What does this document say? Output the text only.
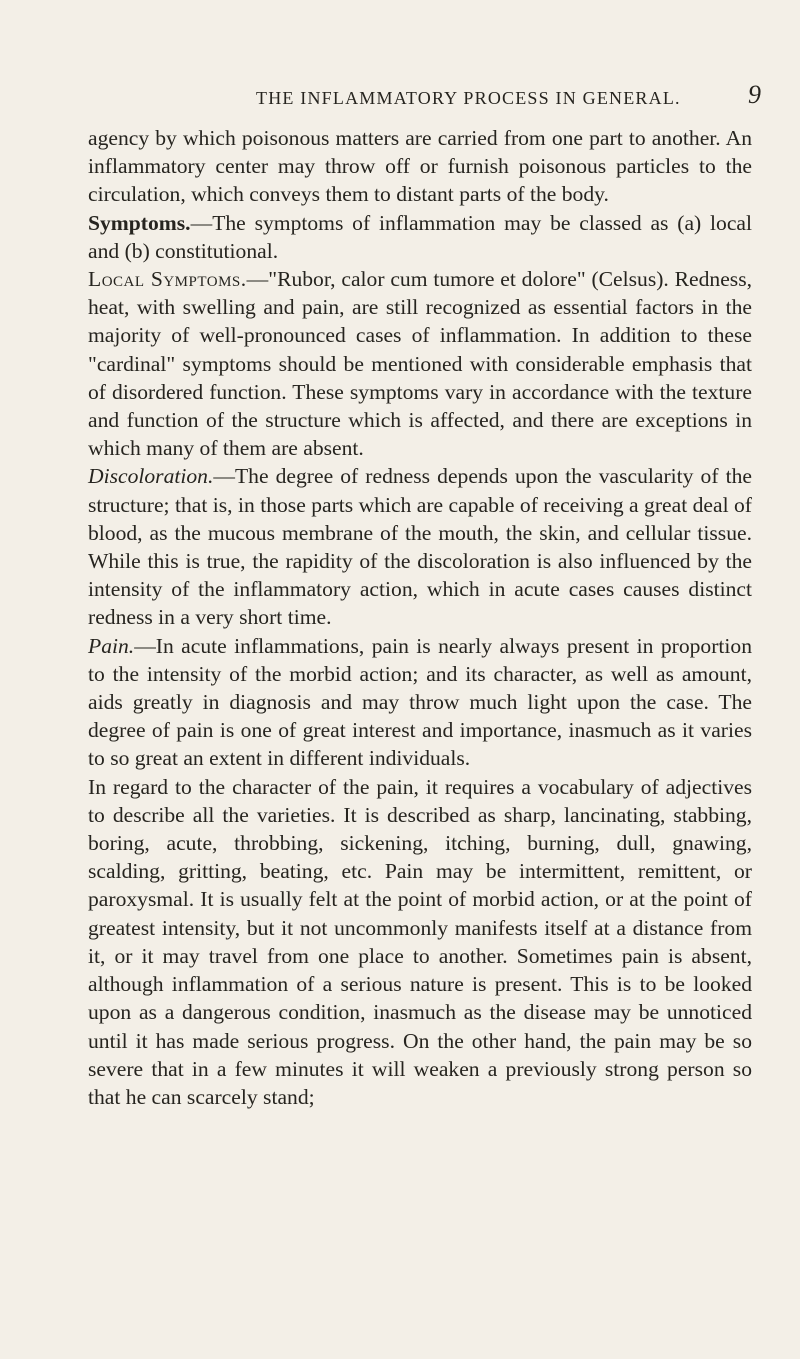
THE INFLAMMATORY PROCESS IN GENERAL.	9

agency by which poisonous matters are carried from one part to another. An inflammatory center may throw off or furnish poisonous particles to the circulation, which conveys them to distant parts of the body.

Symptoms.—The symptoms of inflammation may be classed as (a) local and (b) constitutional.

Local Symptoms.—"Rubor, calor cum tumore et dolore" (Celsus). Redness, heat, with swelling and pain, are still recognized as essential factors in the majority of well-pronounced cases of inflammation. In addition to these "cardinal" symptoms should be mentioned with considerable emphasis that of disordered function. These symptoms vary in accordance with the texture and function of the structure which is affected, and there are exceptions in which many of them are absent.

Discoloration.—The degree of redness depends upon the vascularity of the structure; that is, in those parts which are capable of receiving a great deal of blood, as the mucous membrane of the mouth, the skin, and cellular tissue. While this is true, the rapidity of the discoloration is also influenced by the intensity of the inflammatory action, which in acute cases causes distinct redness in a very short time.

Pain.—In acute inflammations, pain is nearly always present in proportion to the intensity of the morbid action; and its character, as well as amount, aids greatly in diagnosis and may throw much light upon the case. The degree of pain is one of great interest and importance, inasmuch as it varies to so great an extent in different individuals.

In regard to the character of the pain, it requires a vocabulary of adjectives to describe all the varieties. It is described as sharp, lancinating, stabbing, boring, acute, throbbing, sickening, itching, burning, dull, gnawing, scalding, gritting, beating, etc. Pain may be intermittent, remittent, or paroxysmal. It is usually felt at the point of morbid action, or at the point of greatest intensity, but it not uncommonly manifests itself at a distance from it, or it may travel from one place to another. Sometimes pain is absent, although inflammation of a serious nature is present. This is to be looked upon as a dangerous condition, inasmuch as the disease may be unnoticed until it has made serious progress. On the other hand, the pain may be so severe that in a few minutes it will weaken a previously strong person so that he can scarcely stand;
